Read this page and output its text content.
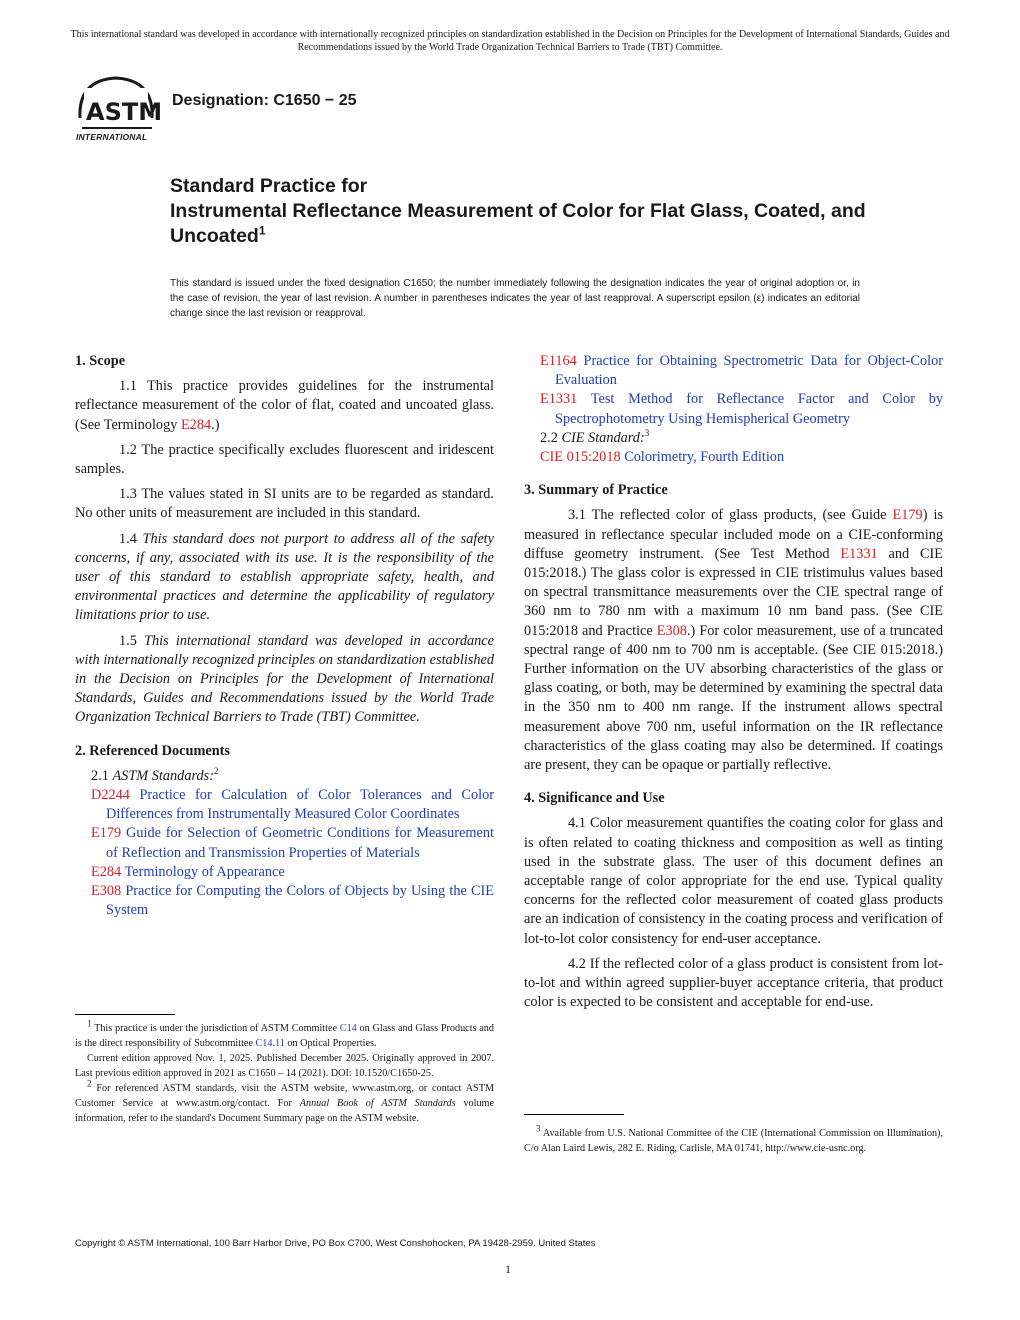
This international standard was developed in accordance with internationally recognized principles on standardization established in the Decision on Principles for the Development of International Standards, Guides and Recommendations issued by the World Trade Organization Technical Barriers to Trade (TBT) Committee.
ASTM
INTERNATIONAL
Designation: C1650 − 25
Standard Practice for
Instrumental Reflectance Measurement of Color for Flat Glass, Coated, and Uncoated$^1$
This standard is issued under the fixed designation C1650; the number immediately following the designation indicates the year of original adoption or, in the case of revision, the year of last revision. A number in parentheses indicates the year of last reapproval. A superscript epsilon (ε) indicates an editorial change since the last revision or reapproval.
1. Scope

1.1 This practice provides guidelines for the instrumental reflectance measurement of the color of flat, coated and uncoated glass. (See Terminology E284.)

1.2 The practice specifically excludes fluorescent and iridescent samples.

1.3 The values stated in SI units are to be regarded as standard. No other units of measurement are included in this standard.

1.4 This standard does not purport to address all of the safety concerns, if any, associated with its use. It is the responsibility of the user of this standard to establish appropriate safety, health, and environmental practices and determine the applicability of regulatory limitations prior to use.

1.5 This international standard was developed in accordance with internationally recognized principles on standardization established in the Decision on Principles for the Development of International Standards, Guides and Recommendations issued by the World Trade Organization Technical Barriers to Trade (TBT) Committee.

2. Referenced Documents

2.1 ASTM Standards:$^2$

D2244 Practice for Calculation of Color Tolerances and Color Differences from Instrumentally Measured Color Coordinates
E179 Guide for Selection of Geometric Conditions for Measurement of Reflection and Transmission Properties of Materials
E284 Terminology of Appearance
E308 Practice for Computing the Colors of Objects by Using the CIE System
$^1$ This practice is under the jurisdiction of ASTM Committee C14 on Glass and Glass Products and is the direct responsibility of Subcommittee C14.11 on Optical Properties.
Current edition approved Nov. 1, 2025. Published December 2025. Originally approved in 2007. Last previous edition approved in 2021 as C1650 – 14 (2021). DOI: 10.1520/C1650-25.
$^2$ For referenced ASTM standards, visit the ASTM website, www.astm.org, or contact ASTM Customer Service at www.astm.org/contact. For Annual Book of ASTM Standards volume information, refer to the standard's Document Summary page on the ASTM website.
E1164 Practice for Obtaining Spectrometric Data for Object-Color Evaluation
E1331 Test Method for Reflectance Factor and Color by Spectrophotometry Using Hemispherical Geometry

2.2 CIE Standard:$^3$

CIE 015:2018 Colorimetry, Fourth Edition
3. Summary of Practice

3.1 The reflected color of glass products, (see Guide E179) is measured in reflectance specular included mode on a CIE-conforming diffuse geometry instrument. (See Test Method E1331 and CIE 015:2018.) The glass color is expressed in CIE tristimulus values based on spectral transmittance measurements over the CIE spectral range of 360 nm to 780 nm with a maximum 10 nm band pass. (See CIE 015:2018 and Practice E308.) For color measurement, use of a truncated spectral range of 400 nm to 700 nm is acceptable. (See CIE 015:2018.) Further information on the UV absorbing characteristics of the glass or glass coating, or both, may be determined by examining the spectral data in the 350 nm to 400 nm range. If the instrument allows spectral measurement above 700 nm, useful information on the IR reflectance characteristics of the glass coating may also be determined. If coatings are present, they can be opaque or partially reflective.

4. Significance and Use

4.1 Color measurement quantifies the coating color for glass and is often related to coating thickness and composition as well as tinting used in the substrate glass. The user of this document defines an acceptable range of color appropriate for the end use. Typical quality concerns for the reflected color measurement of coated glass products are an indication of consistency in the coating process and verification of lot-to-lot color consistency for end-user acceptance.

4.2 If the reflected color of a glass product is consistent from lot-to-lot and within agreed supplier-buyer acceptance criteria, that product color is expected to be consistent and acceptable for end-use.

$^3$ Available from U.S. National Committee of the CIE (International Commission on Illumination), C/o Alan Laird Lewis, 282 E. Riding, Carlisle, MA 01741, http://www.cie-usnc.org.
Copyright © ASTM International, 100 Barr Harbor Drive, PO Box C700, West Conshohocken, PA 19428-2959. United States
1
